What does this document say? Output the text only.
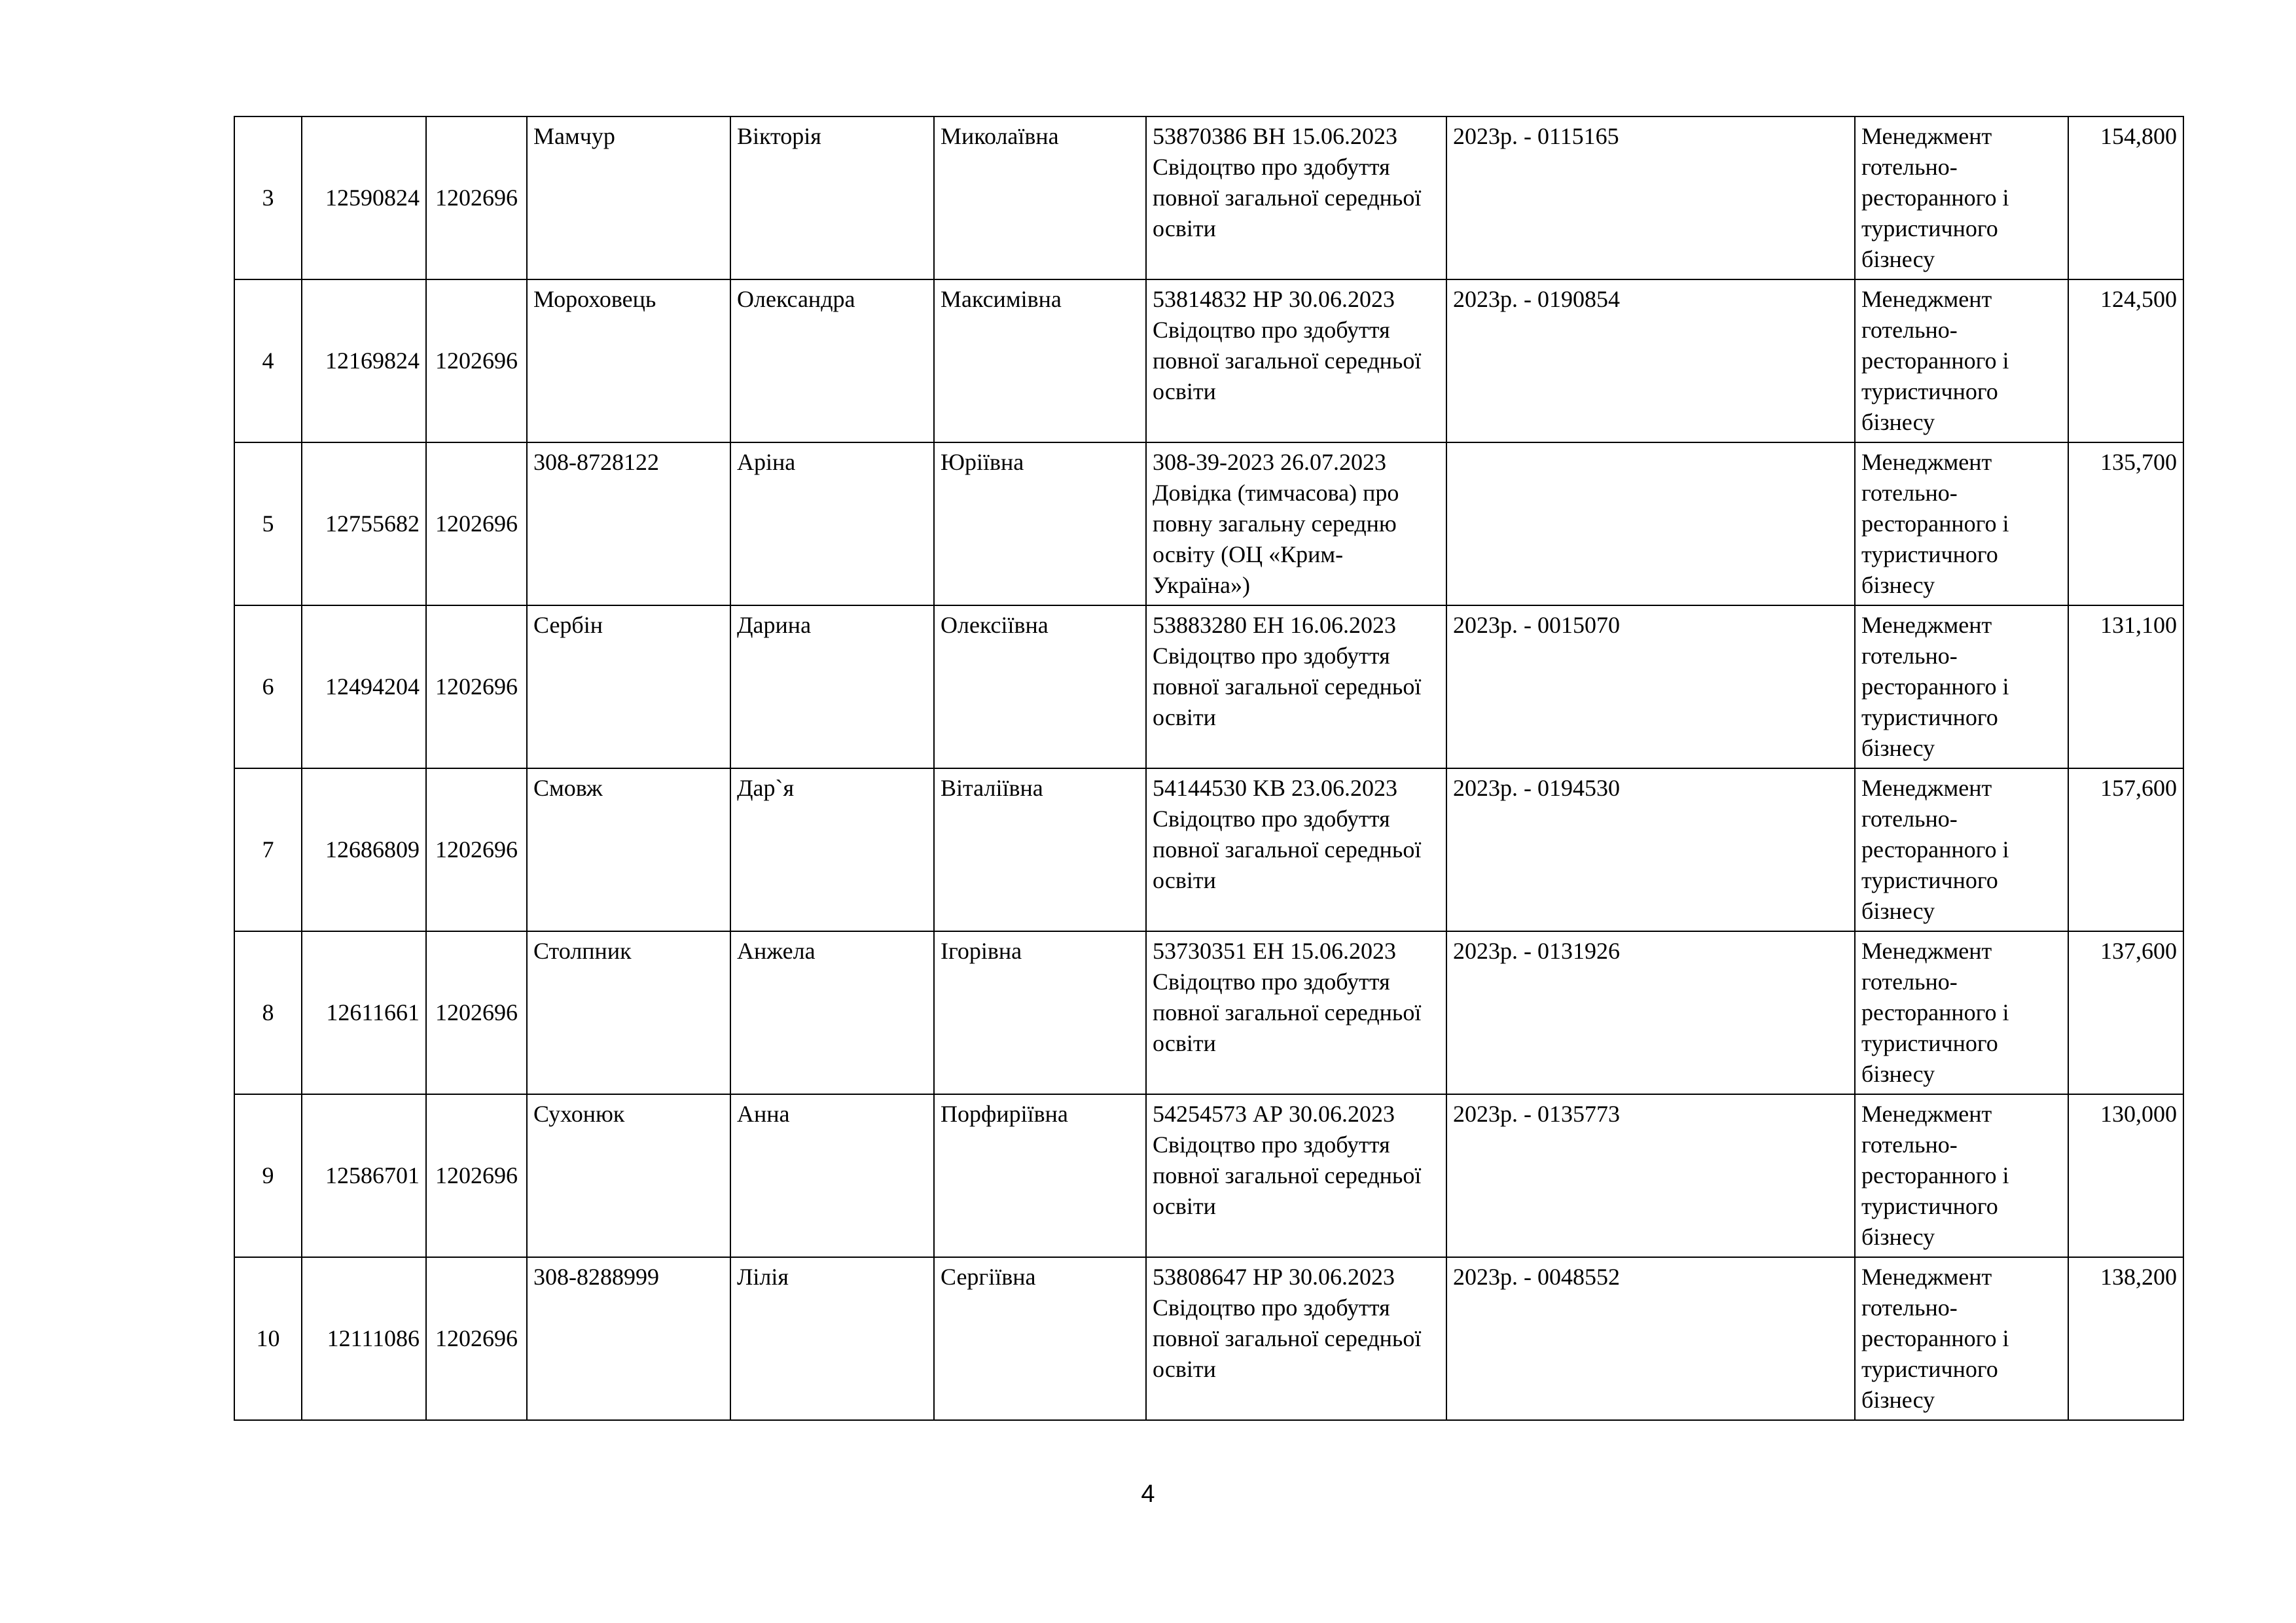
3	12590824	1202696	Мамчур	Вікторія	Миколаївна	53870386 ВН 15.06.2023 Свідоцтво про здобуття повної загальної середньої освіти	2023р. - 0115165	Менеджмент готельно-ресторанного і туристичного бізнесу	154,800
4	12169824	1202696	Мороховець	Олександра	Максимівна	53814832 НР 30.06.2023 Свідоцтво про здобуття повної загальної середньої освіти	2023р. - 0190854	Менеджмент готельно-ресторанного і туристичного бізнесу	124,500
5	12755682	1202696	308-8728122	Аріна	Юріївна	308-39-2023 26.07.2023 Довідка (тимчасова) про повну загальну середню освіту (ОЦ «Крим-Україна»)		Менеджмент готельно-ресторанного і туристичного бізнесу	135,700
6	12494204	1202696	Сербін	Дарина	Олексіївна	53883280 ЕН 16.06.2023 Свідоцтво про здобуття повної загальної середньої освіти	2023р. - 0015070	Менеджмент готельно-ресторанного і туристичного бізнесу	131,100
7	12686809	1202696	Смовж	Дар`я	Віталіївна	54144530 KB 23.06.2023 Свідоцтво про здобуття повної загальної середньої освіти	2023р. - 0194530	Менеджмент готельно-ресторанного і туристичного бізнесу	157,600
8	12611661	1202696	Столпник	Анжела	Ігорівна	53730351 ЕН 15.06.2023 Свідоцтво про здобуття повної загальної середньої освіти	2023р. - 0131926	Менеджмент готельно-ресторанного і туристичного бізнесу	137,600
9	12586701	1202696	Сухонюк	Анна	Порфиріївна	54254573 АР 30.06.2023 Свідоцтво про здобуття повної загальної середньої освіти	2023р. - 0135773	Менеджмент готельно-ресторанного і туристичного бізнесу	130,000
10	12111086	1202696	308-8288999	Лілія	Сергіївна	53808647 НР 30.06.2023 Свідоцтво про здобуття повної загальної середньої освіти	2023р. - 0048552	Менеджмент готельно-ресторанного і туристичного бізнесу	138,200
4
